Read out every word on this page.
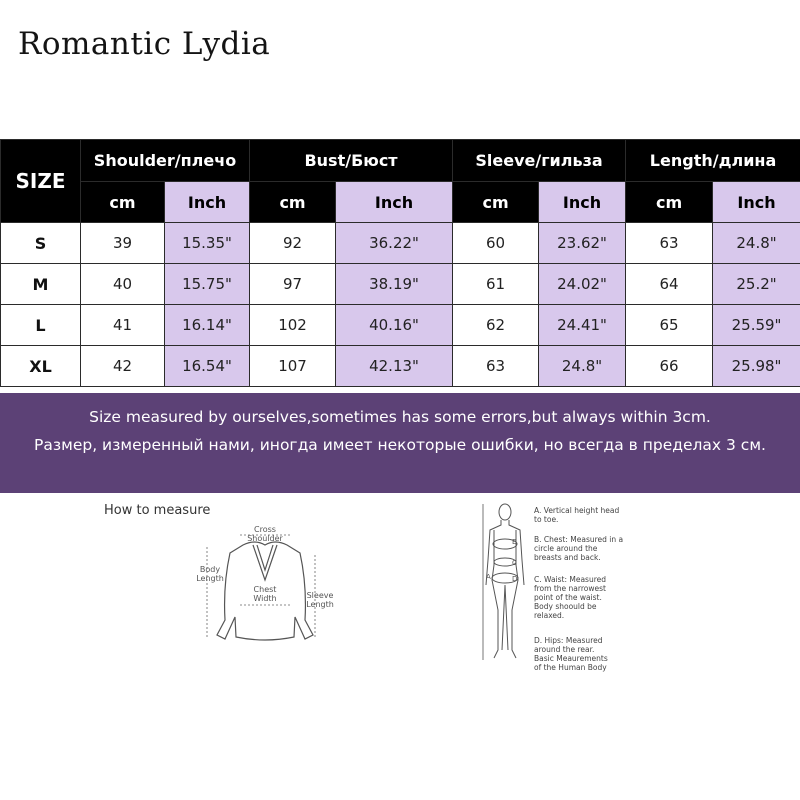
Romantic Lydia
SIZE	Shoulder/плечо		Bust/Бюст		Sleeve/гильза		Length/длина	
	cm	Inch	cm	Inch	cm	Inch	cm	Inch
S	39	15.35"	92	36.22"	60	23.62"	63	24.8"
M	40	15.75"	97	38.19"	61	24.02"	64	25.2"
L	41	16.14"	102	40.16"	62	24.41"	65	25.59"
XL	42	16.54"	107	42.13"	63	24.8"	66	25.98"
Size measured by ourselves,sometimes has some errors,but always within 3cm.
Размер, измеренный нами, иногда имеет некоторые ошибки, но всегда в пределах 3 см.
How to measure
Cross
Shoulder
Body
Length
Chest
Width	Sleeve
Length
A
B
C
D
A. Vertical height head
to toe.
B. Chest: Measured in a
circle around the
breasts and back.
C. Waist: Measured
from the narrowest
point of the waist.
Body shoould be
relaxed.
D. Hips: Measured
around the rear.
Basic Meaurements
of the Human Body
